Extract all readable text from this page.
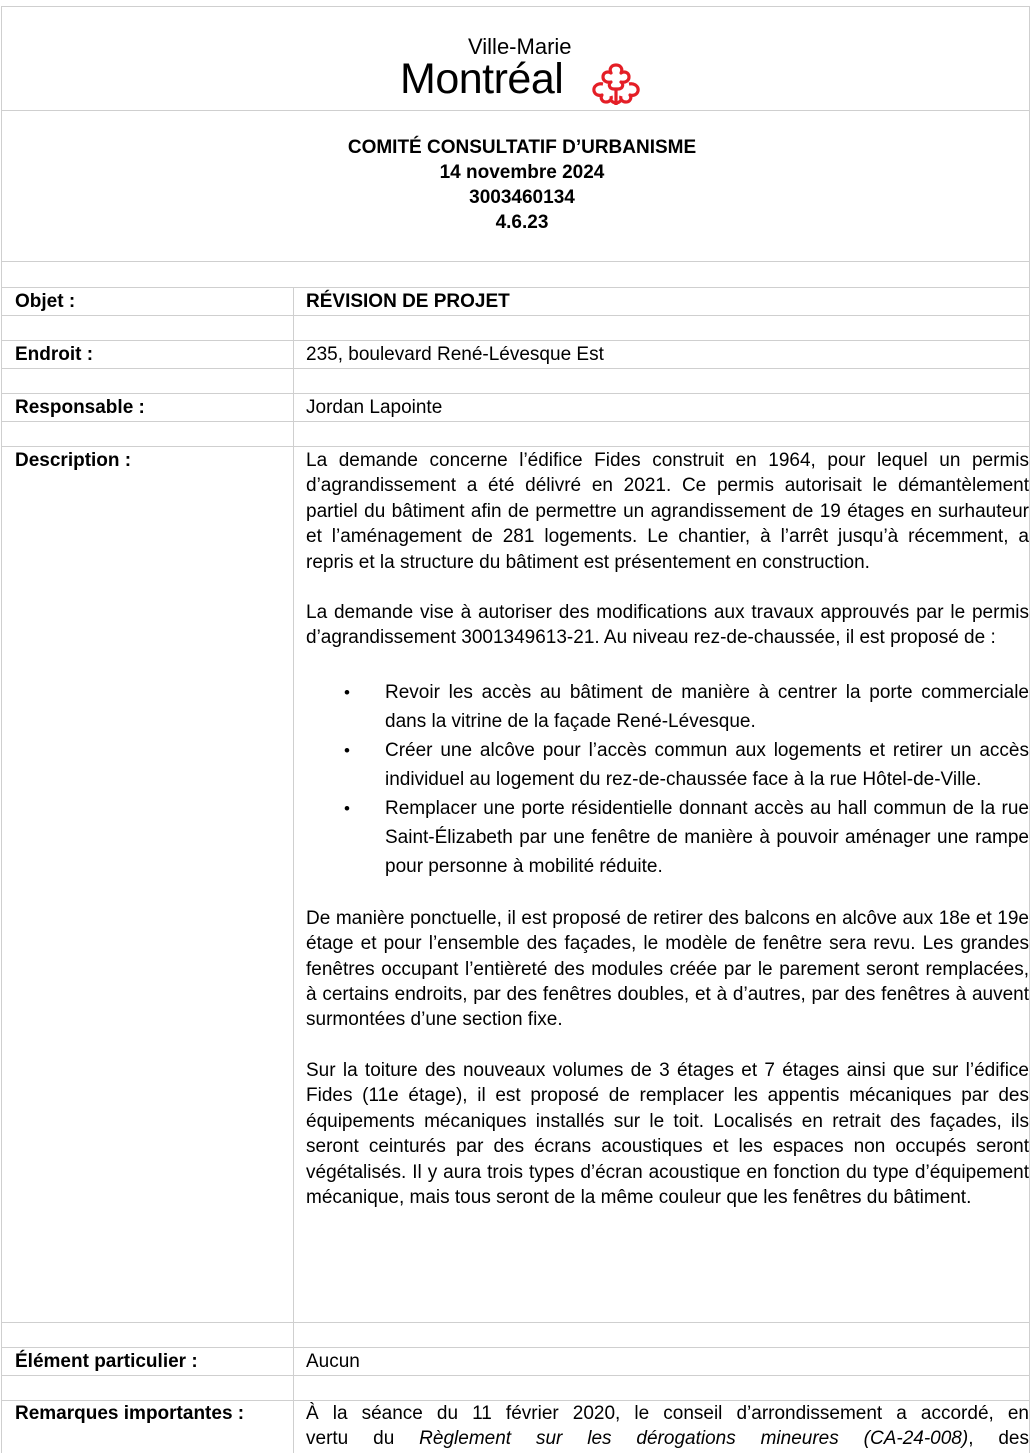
Ville-Marie
Montréal
COMITÉ CONSULTATIF D’URBANISME
14 novembre 2024
3003460134
4.6.23
Objet :	RÉVISION DE PROJET
Endroit :	235, boulevard René-Lévesque Est
Responsable :	Jordan Lapointe
Description :	La demande concerne l’édifice Fides construit en 1964, pour lequel un permis d’agrandissement a été délivré en 2021. Ce permis autorisait le démantèlement partiel du bâtiment afin de permettre un agrandissement de 19 étages en surhauteur et l’aménagement de 281 logements. Le chantier, à l’arrêt jusqu’à récemment, a repris et la structure du bâtiment est présentement en construction.

La demande vise à autoriser des modifications aux travaux approuvés par le permis d’agrandissement 3001349613-21. Au niveau rez-de-chaussée, il est proposé de :

• Revoir les accès au bâtiment de manière à centrer la porte commerciale dans la vitrine de la façade René-Lévesque.
• Créer une alcôve pour l’accès commun aux logements et retirer un accès individuel au logement du rez-de-chaussée face à la rue Hôtel-de-Ville.
• Remplacer une porte résidentielle donnant accès au hall commun de la rue Saint-Élizabeth par une fenêtre de manière à pouvoir aménager une rampe pour personne à mobilité réduite.

De manière ponctuelle, il est proposé de retirer des balcons en alcôve aux 18e et 19e étage et pour l’ensemble des façades, le modèle de fenêtre sera revu. Les grandes fenêtres occupant l’entièreté des modules créée par le parement seront remplacées, à certains endroits, par des fenêtres doubles, et à d’autres, par des fenêtres à auvent surmontées d’une section fixe.

Sur la toiture des nouveaux volumes de 3 étages et 7 étages ainsi que sur l’édifice Fides (11e étage), il est proposé de remplacer les appentis mécaniques par des équipements mécaniques installés sur le toit. Localisés en retrait des façades, ils seront ceinturés par des écrans acoustiques et les espaces non occupés seront végétalisés. Il y aura trois types d’écran acoustique en fonction du type d’équipement mécanique, mais tous seront de la même couleur que les fenêtres du bâtiment.

Élément particulier :	Aucun
Remarques importantes :	À la séance du 11 février 2020, le conseil d’arrondissement a accordé, en
vertu du Règlement sur les dérogations mineures (CA-24-008), des
